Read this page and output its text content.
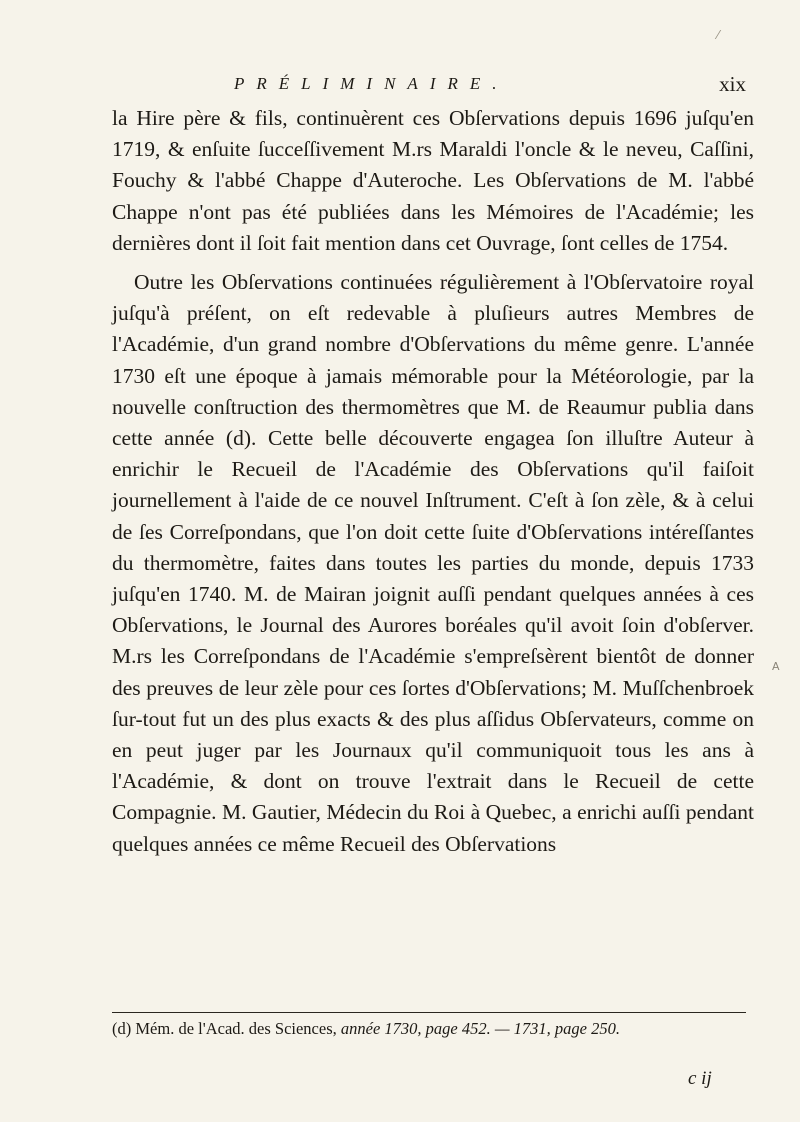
⁄
PRÉLIMINAIRE.	xix

la Hire père & fils, continuèrent ces Obſervations depuis 1696 juſqu'en 1719, & enſuite ſucceſſivement M.rs Maraldi l'oncle & le neveu, Caſſini, Fouchy & l'abbé Chappe d'Auteroche. Les Obſervations de M. l'abbé Chappe n'ont pas été publiées dans les Mémoires de l'Académie; les dernières dont il ſoit fait mention dans cet Ouvrage, ſont celles de 1754.

Outre les Obſervations continuées régulièrement à l'Obſervatoire royal juſqu'à préſent, on eſt redevable à pluſieurs autres Membres de l'Académie, d'un grand nombre d'Obſervations du même genre. L'année 1730 eſt une époque à jamais mémorable pour la Météorologie, par la nouvelle conſtruction des thermomètres que M. de Reaumur publia dans cette année (d). Cette belle découverte engagea ſon illuſtre Auteur à enrichir le Recueil de l'Académie des Obſervations qu'il faiſoit journellement à l'aide de ce nouvel Inſtrument. C'eſt à ſon zèle, & à celui de ſes Correſpondans, que l'on doit cette ſuite d'Obſervations intéreſſantes du thermomètre, faites dans toutes les parties du monde, depuis 1733 juſqu'en 1740. M. de Mairan joignit auſſi pendant quelques années à ces Obſervations, le Journal des Aurores boréales qu'il avoit ſoin d'obſerver. M.rs les Correſpondans de l'Académie s'empreſsèrent bientôt de donner des preuves de leur zèle pour ces ſortes d'Obſervations; M. Muſſchenbroek ſur-tout fut un des plus exacts & des plus aſſidus Obſervateurs, comme on en peut juger par les Journaux qu'il communiquoit tous les ans à l'Académie, & dont on trouve l'extrait dans le Recueil de cette Compagnie. M. Gautier, Médecin du Roi à Quebec, a enrichi auſſi pendant quelques années ce même Recueil des Obſervations

(d) Mém. de l'Acad. des Sciences, année 1730, page 452. — 1731, page 250.
c ij
A
